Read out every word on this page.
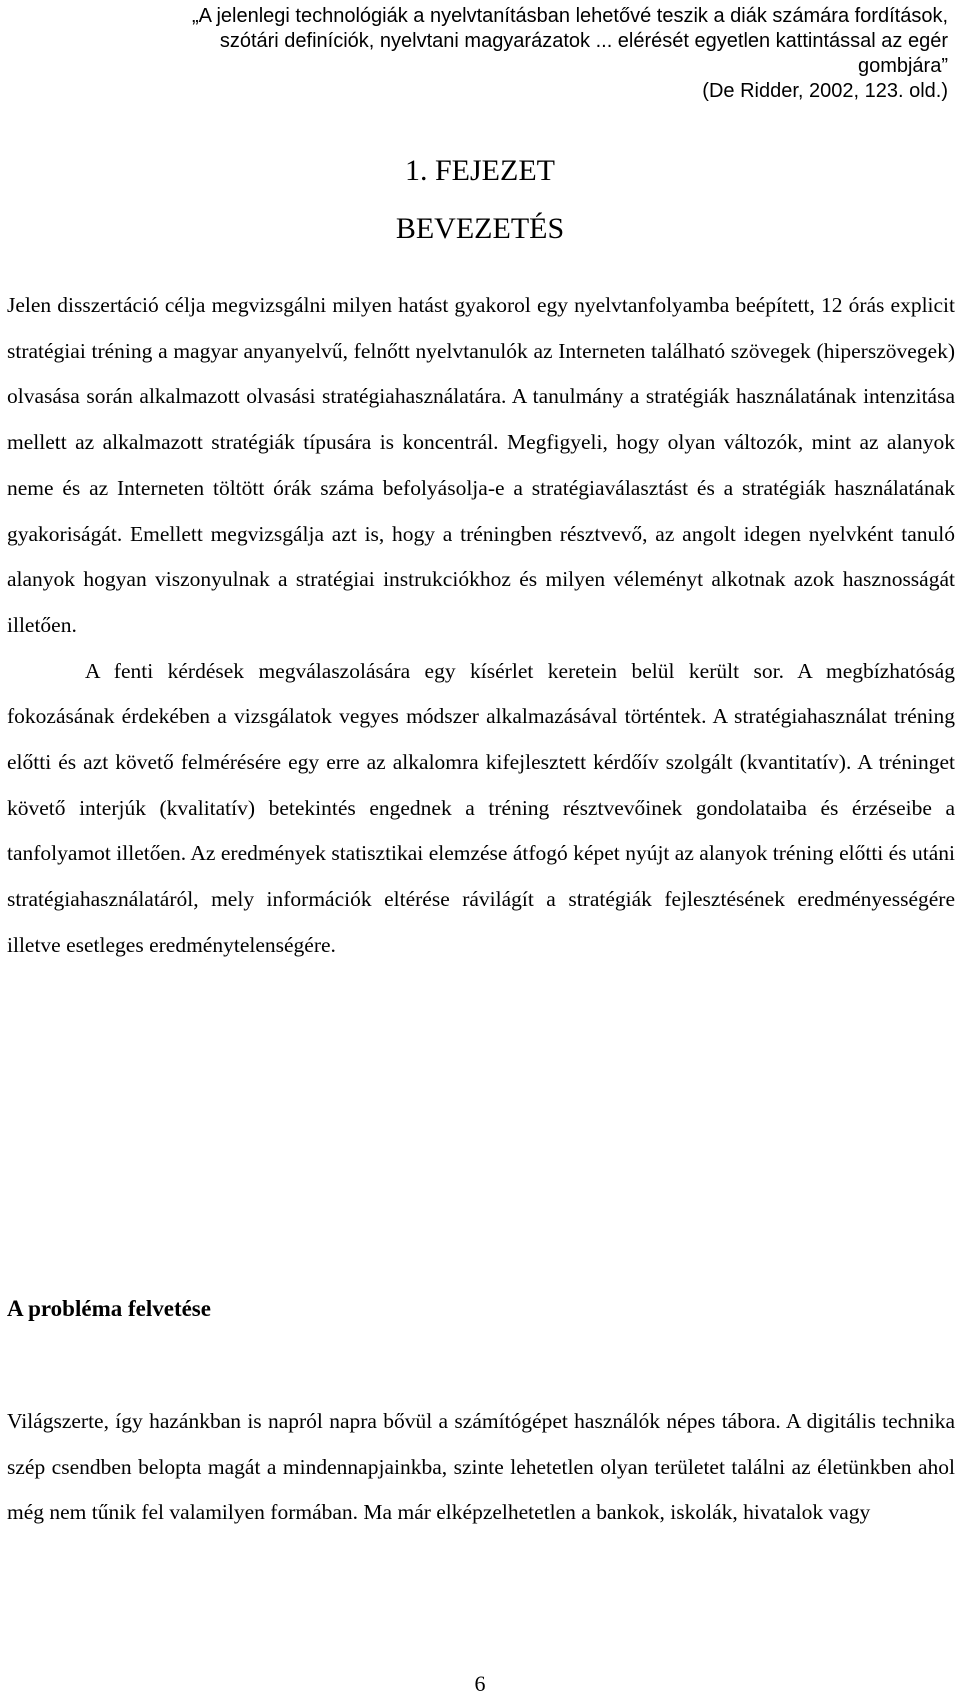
„A jelenlegi technológiák a nyelvtanításban lehetővé teszik a diák számára fordítások,
szótári definíciók, nyelvtani magyarázatok ... elérését egyetlen kattintással az egér
gombjára”
(De Ridder, 2002, 123. old.)
1. FEJEZET
BEVEZETÉS

Jelen disszertáció célja megvizsgálni milyen hatást gyakorol egy nyelvtanfolyamba beépített, 12 órás explicit stratégiai tréning a magyar anyanyelvű, felnőtt nyelvtanulók az Interneten található szövegek (hiperszövegek) olvasása során alkalmazott olvasási stratégiahasználatára. A tanulmány a stratégiák használatának intenzitása mellett az alkalmazott stratégiák típusára is koncentrál. Megfigyeli, hogy olyan változók, mint az alanyok neme és az Interneten töltött órák száma befolyásolja-e a stratégiaválasztást és a stratégiák használatának gyakoriságát. Emellett megvizsgálja azt is, hogy a tréningben résztvevő, az angolt idegen nyelvként tanuló alanyok hogyan viszonyulnak a stratégiai instrukciókhoz és milyen véleményt alkotnak azok hasznosságát illetően.

A fenti kérdések megválaszolására egy kísérlet keretein belül került sor. A megbízhatóság fokozásának érdekében a vizsgálatok vegyes módszer alkalmazásával történtek. A stratégiahasználat tréning előtti és azt követő felmérésére egy erre az alkalomra kifejlesztett kérdőív szolgált (kvantitatív). A tréninget követő interjúk (kvalitatív) betekintés engednek a tréning résztvevőinek gondolataiba és érzéseibe a tanfolyamot illetően. Az eredmények statisztikai elemzése átfogó képet nyújt az alanyok tréning előtti és utáni stratégiahasználatáról, mely információk eltérése rávilágít a stratégiák fejlesztésének eredményességére illetve esetleges eredménytelenségére.

A probléma felvetése

Világszerte, így hazánkban is napról napra bővül a számítógépet használók népes tábora. A digitális technika szép csendben belopta magát a mindennapjainkba, szinte lehetetlen olyan területet találni az életünkben ahol még nem tűnik fel valamilyen formában. Ma már elképzelhetetlen a bankok, iskolák, hivatalok vagy

6
